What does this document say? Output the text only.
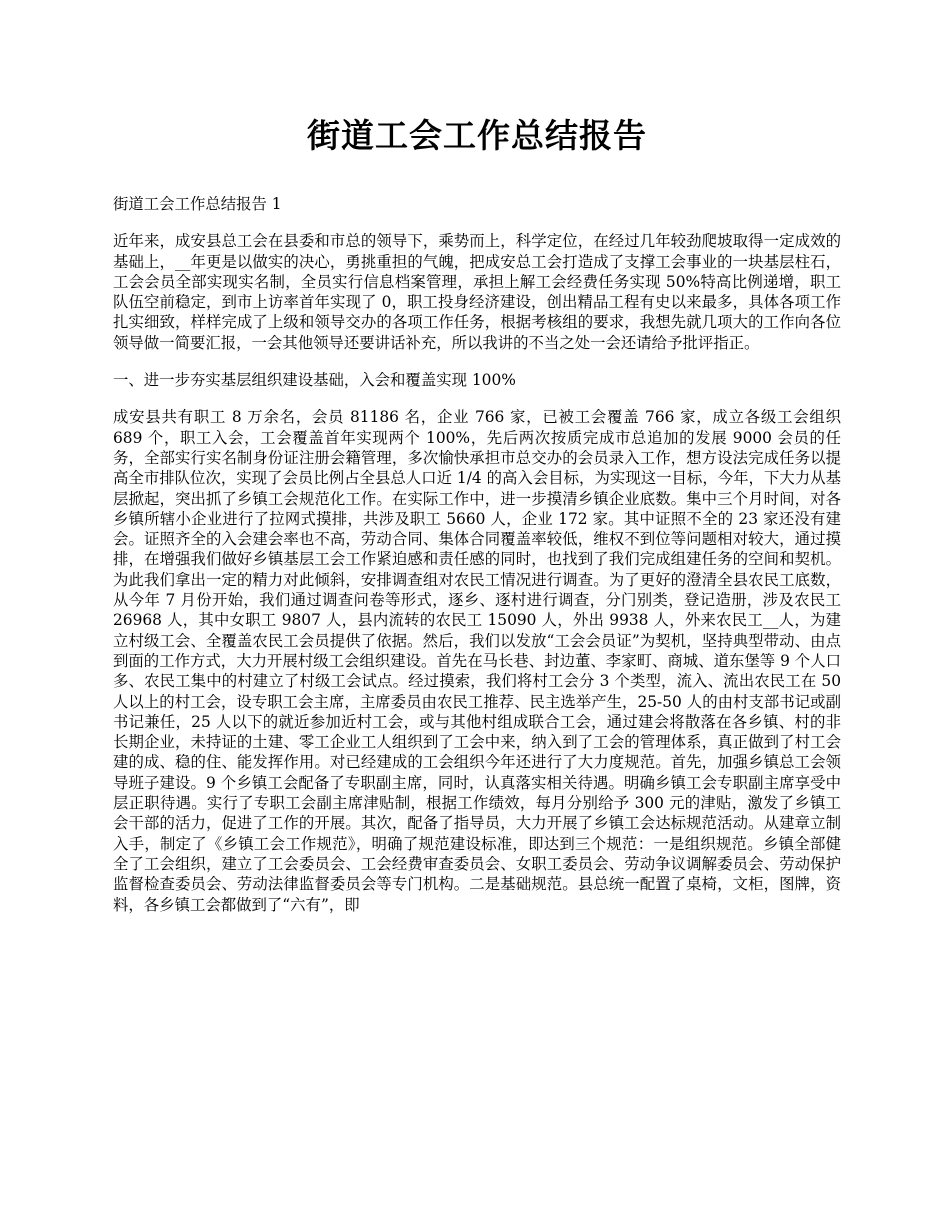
街道工会工作总结报告

街道工会工作总结报告 1

近年来，成安县总工会在县委和市总的领导下，乘势而上，科学定位，在经过几年较劲爬坡取得一定成效的基础上，__年更是以做实的决心，勇挑重担的气魄，把成安总工会打造成了支撑工会事业的一块基层柱石，工会会员全部实现实名制，全员实行信息档案管理，承担上解工会经费任务实现 50%特高比例递增，职工队伍空前稳定，到市上访率首年实现了 0，职工投身经济建设，创出精品工程有史以来最多，具体各项工作扎实细致，样样完成了上级和领导交办的各项工作任务，根据考核组的要求，我想先就几项大的工作向各位领导做一简要汇报，一会其他领导还要讲话补充，所以我讲的不当之处一会还请给予批评指正。

一、进一步夯实基层组织建设基础，入会和覆盖实现 100%

成安县共有职工 8 万余名，会员 81186 名，企业 766 家，已被工会覆盖 766 家，成立各级工会组织 689 个，职工入会，工会覆盖首年实现两个 100%，先后两次按质完成市总追加的发展 9000 会员的任务，全部实行实名制身份证注册会籍管理，多次愉快承担市总交办的会员录入工作，想方设法完成任务以提高全市排队位次，实现了会员比例占全县总人口近 1/4 的高入会目标，为实现这一目标，今年，下大力从基层掀起，突出抓了乡镇工会规范化工作。在实际工作中，进一步摸清乡镇企业底数。集中三个月时间，对各乡镇所辖小企业进行了拉网式摸排，共涉及职工 5660 人，企业 172 家。其中证照不全的 23 家还没有建会。证照齐全的入会建会率也不高，劳动合同、集体合同覆盖率较低，维权不到位等问题相对较大，通过摸排，在增强我们做好乡镇基层工会工作紧迫感和责任感的同时，也找到了我们完成组建任务的空间和契机。为此我们拿出一定的精力对此倾斜，安排调查组对农民工情况进行调查。为了更好的澄清全县农民工底数，从今年 7 月份开始，我们通过调查问卷等形式，逐乡、逐村进行调查，分门别类，登记造册，涉及农民工 26968 人，其中女职工 9807 人，县内流转的农民工 15090 人，外出 9938 人，外来农民工__人，为建立村级工会、全覆盖农民工会员提供了依据。然后，我们以发放“工会会员证”为契机，坚持典型带动、由点到面的工作方式，大力开展村级工会组织建设。首先在马长巷、封边董、李家町、商城、道东堡等 9 个人口多、农民工集中的村建立了村级工会试点。经过摸索，我们将村工会分 3 个类型，流入、流出农民工在 50 人以上的村工会，设专职工会主席，主席委员由农民工推荐、民主选举产生，25-50 人的由村支部书记或副书记兼任，25 人以下的就近参加近村工会，或与其他村组成联合工会，通过建会将散落在各乡镇、村的非长期企业，未持证的土建、零工企业工人组织到了工会中来，纳入到了工会的管理体系，真正做到了村工会建的成、稳的住、能发挥作用。对已经建成的工会组织今年还进行了大力度规范。首先，加强乡镇总工会领导班子建设。9 个乡镇工会配备了专职副主席，同时，认真落实相关待遇。明确乡镇工会专职副主席享受中层正职待遇。实行了专职工会副主席津贴制，根据工作绩效，每月分别给予 300 元的津贴，激发了乡镇工会干部的活力，促进了工作的开展。其次，配备了指导员，大力开展了乡镇工会达标规范活动。从建章立制入手，制定了《乡镇工会工作规范》，明确了规范建设标准，即达到三个规范：一是组织规范。乡镇全部健全了工会组织，建立了工会委员会、工会经费审查委员会、女职工委员会、劳动争议调解委员会、劳动保护监督检查委员会、劳动法律监督委员会等专门机构。二是基础规范。县总统一配置了桌椅，文柜，图牌，资料，各乡镇工会都做到了“六有”，即
